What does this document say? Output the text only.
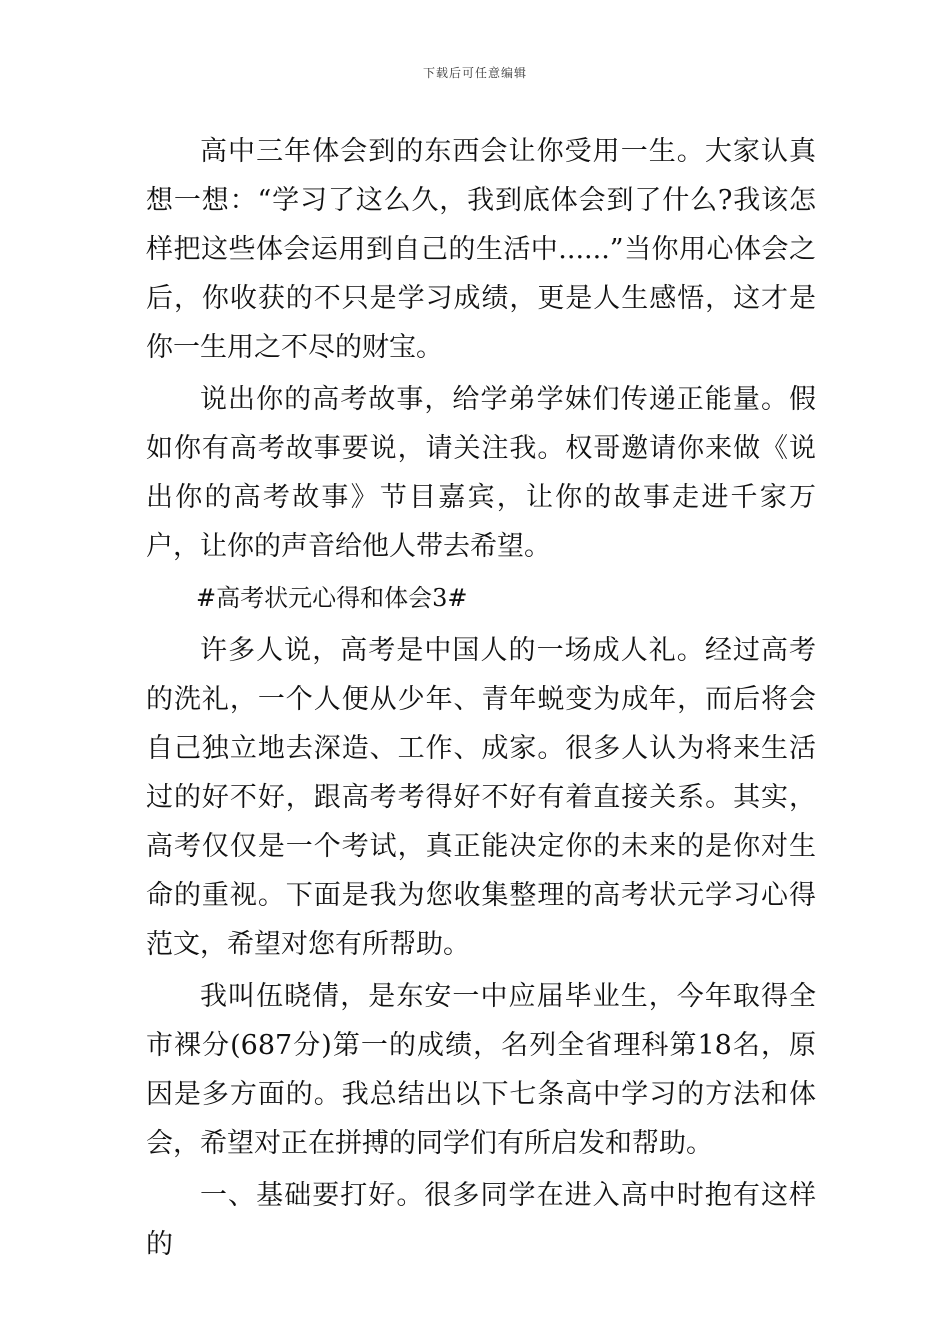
下载后可任意编辑

高中三年体会到的东西会让你受用一生。大家认真想一想：“学习了这么久，我到底体会到了什么?我该怎样把这些体会运用到自己的生活中......”当你用心体会之后，你收获的不只是学习成绩，更是人生感悟，这才是你一生用之不尽的财宝。

说出你的高考故事，给学弟学妹们传递正能量。假如你有高考故事要说，请关注我。权哥邀请你来做《说出你的高考故事》节目嘉宾，让你的故事走进千家万户，让你的声音给他人带去希望。

#高考状元心得和体会3#

许多人说，高考是中国人的一场成人礼。经过高考的洗礼，一个人便从少年、青年蜕变为成年，而后将会自己独立地去深造、工作、成家。很多人认为将来生活过的好不好，跟高考考得好不好有着直接关系。其实，高考仅仅是一个考试，真正能决定你的未来的是你对生命的重视。下面是我为您收集整理的高考状元学习心得范文，希望对您有所帮助。

我叫伍晓倩，是东安一中应届毕业生，今年取得全市裸分(687分)第一的成绩，名列全省理科第18名，原因是多方面的。我总结出以下七条高中学习的方法和体会，希望对正在拼搏的同学们有所启发和帮助。

一、基础要打好。很多同学在进入高中时抱有这样的
